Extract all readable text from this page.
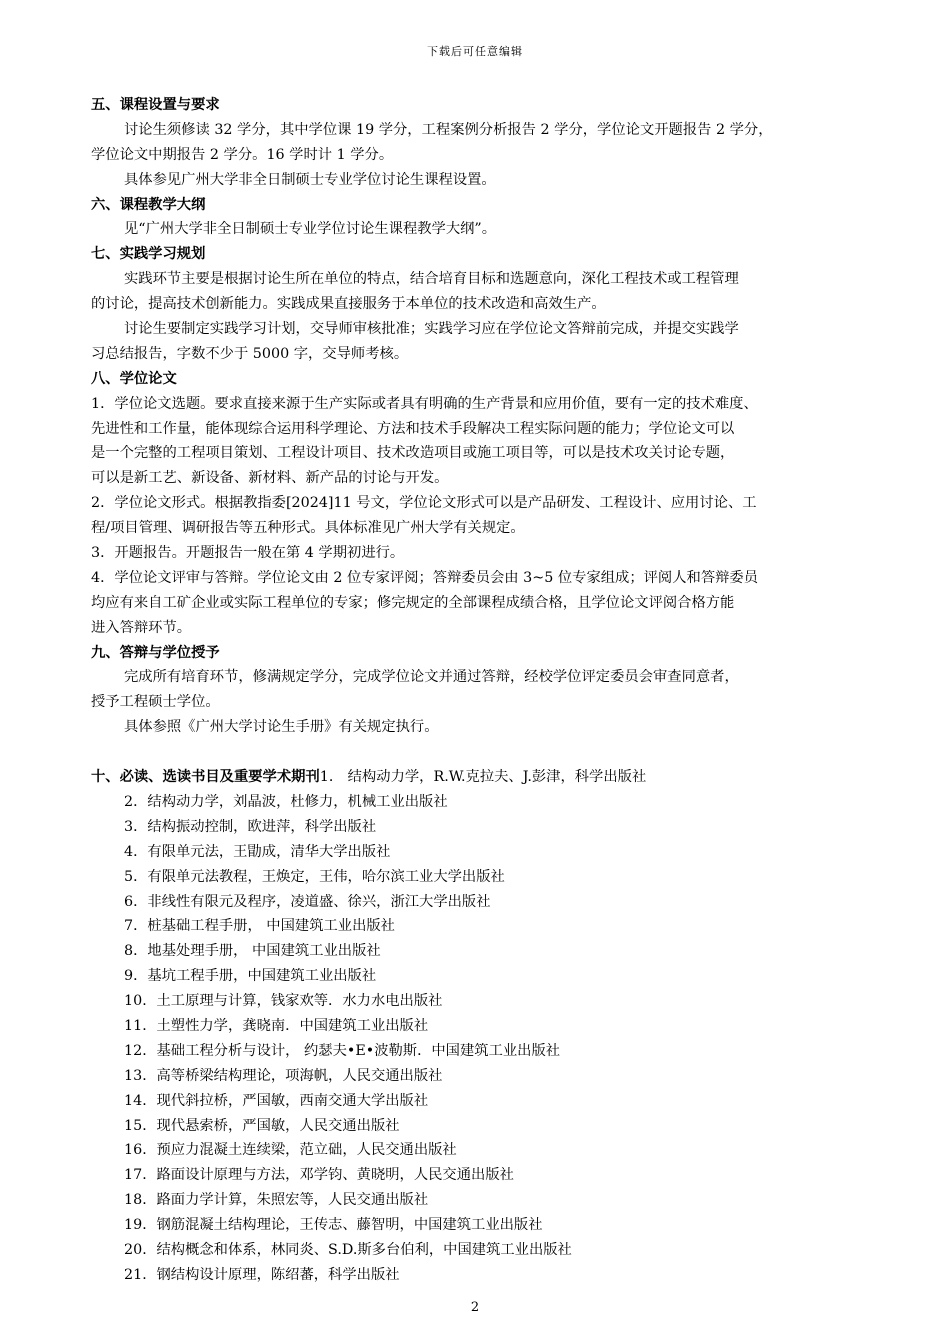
下载后可任意编辑
五、课程设置与要求
讨论生须修读 32 学分，其中学位课 19 学分，工程案例分析报告 2 学分，学位论文开题报告 2 学分，
学位论文中期报告 2 学分。16 学时计 1 学分。
具体参见广州大学非全日制硕士专业学位讨论生课程设置。
六、课程教学大纲
见“广州大学非全日制硕士专业学位讨论生课程教学大纲”。
七、实践学习规划
实践环节主要是根据讨论生所在单位的特点，结合培育目标和选题意向，深化工程技术或工程管理
的讨论，提高技术创新能力。实践成果直接服务于本单位的技术改造和高效生产。
讨论生要制定实践学习计划，交导师审核批准；实践学习应在学位论文答辩前完成，并提交实践学
习总结报告，字数不少于 5000 字，交导师考核。
八、学位论文
1．学位论文选题。要求直接来源于生产实际或者具有明确的生产背景和应用价值，要有一定的技术难度、
先进性和工作量，能体现综合运用科学理论、方法和技术手段解决工程实际问题的能力；学位论文可以
是一个完整的工程项目策划、工程设计项目、技术改造项目或施工项目等，可以是技术攻关讨论专题，
可以是新工艺、新设备、新材料、新产品的讨论与开发。
2．学位论文形式。根据教指委[2024]11 号文，学位论文形式可以是产品研发、工程设计、应用讨论、工
程/项目管理、调研报告等五种形式。具体标准见广州大学有关规定。
3．开题报告。开题报告一般在第 4 学期初进行。
4．学位论文评审与答辩。学位论文由 2 位专家评阅；答辩委员会由 3~5 位专家组成；评阅人和答辩委员
均应有来自工矿企业或实际工程单位的专家；修完规定的全部课程成绩合格，且学位论文评阅合格方能
进入答辩环节。
九、答辩与学位授予
完成所有培育环节，修满规定学分，完成学位论文并通过答辩，经校学位评定委员会审查同意者，
授予工程硕士学位。
具体参照《广州大学讨论生手册》有关规定执行。
十、必读、选读书目及重要学术期刊1． 结构动力学，R.W.克拉夫、J.彭津，科学出版社
2．结构动力学，刘晶波，杜修力，机械工业出版社
3．结构振动控制，欧进萍，科学出版社
4．有限单元法，王勖成，清华大学出版社
5．有限单元法教程，王焕定，王伟，哈尔滨工业大学出版社
6．非线性有限元及程序，凌道盛、徐兴，浙江大学出版社
7．桩基础工程手册， 中国建筑工业出版社
8．地基处理手册， 中国建筑工业出版社
9．基坑工程手册，中国建筑工业出版社
10．土工原理与计算，钱家欢等．水力水电出版社
11．土塑性力学，龚晓南．中国建筑工业出版社
12．基础工程分析与设计， 约瑟夫•E•波勒斯．中国建筑工业出版社
13．高等桥梁结构理论，项海帆，人民交通出版社
14．现代斜拉桥，严国敏，西南交通大学出版社
15．现代悬索桥，严国敏，人民交通出版社
16．预应力混凝土连续梁，范立础，人民交通出版社
17．路面设计原理与方法，邓学钧、黄晓明，人民交通出版社
18．路面力学计算，朱照宏等，人民交通出版社
19．钢筋混凝土结构理论，王传志、藤智明，中国建筑工业出版社
20．结构概念和体系，林同炎、S.D.斯多台伯利，中国建筑工业出版社
21．钢结构设计原理，陈绍蕃，科学出版社
2
